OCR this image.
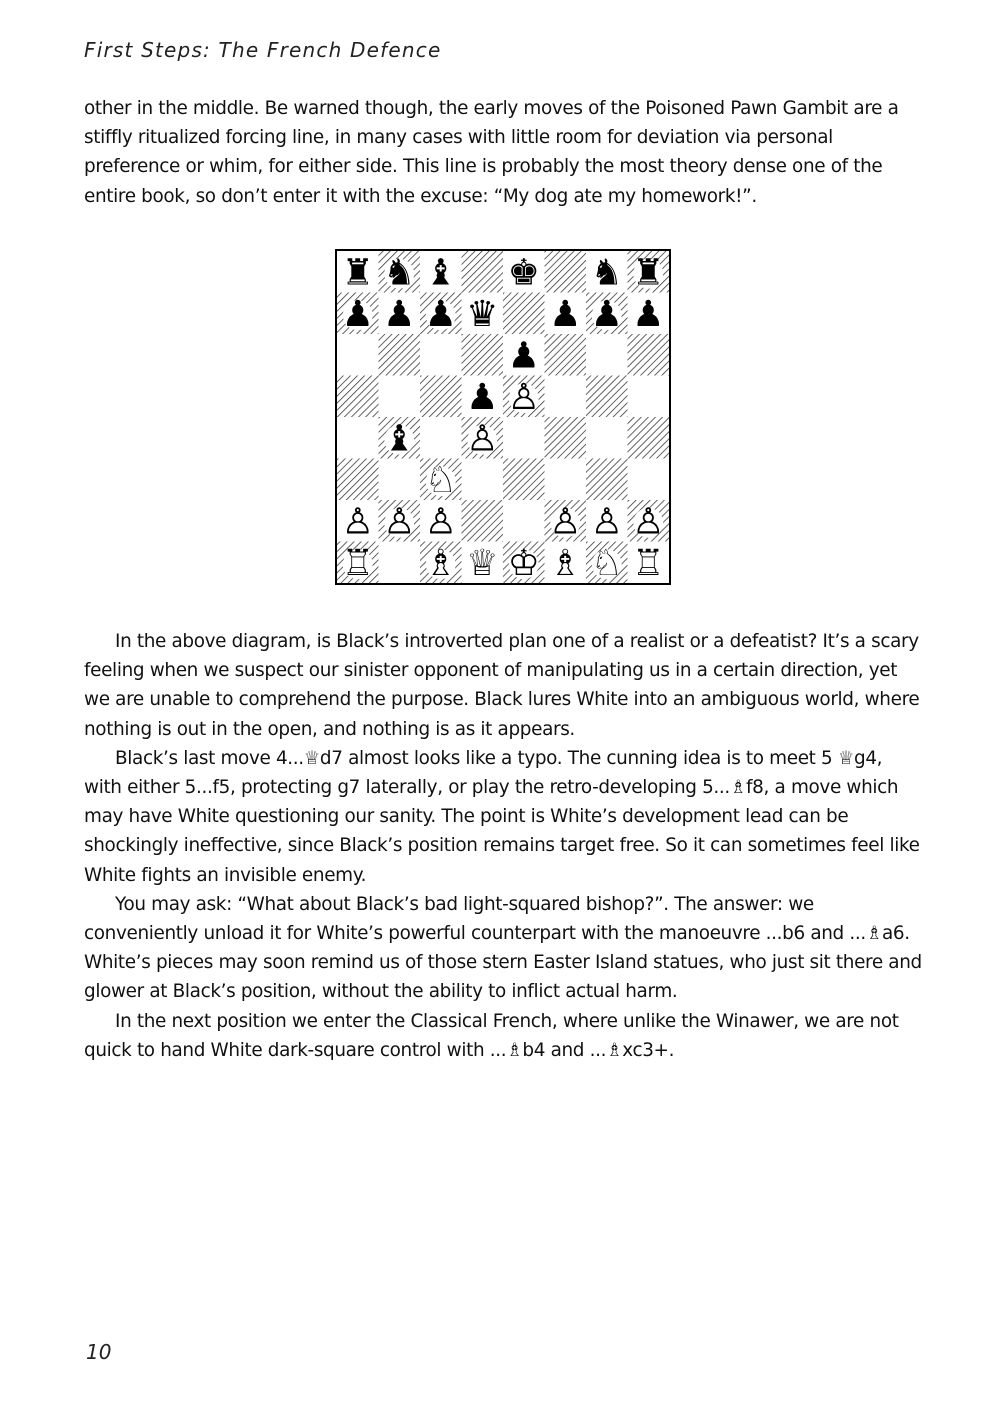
First Steps: The French Defence

other in the middle. Be warned though, the early moves of the Poisoned Pawn Gambit are a stiffly ritualized forcing line, in many cases with little room for deviation via personal preference or whim, for either side. This line is probably the most theory dense one of the entire book, so don’t enter it with the excuse: “My dog ate my homework!”.

♜ ♞ ♝ ♚ ♞ ♜
♟ ♟ ♟ ♛ ♟ ♟ ♟
♟
♟ ♙
♝ ♙
♘
♙ ♙ ♙	♙ ♙ ♙
♖ ♗ ♕ ♔ ♗ ♘ ♖

In the above diagram, is Black’s introverted plan one of a realist or a defeatist? It’s a scary feeling when we suspect our sinister opponent of manipulating us in a certain direction, yet we are unable to comprehend the purpose. Black lures White into an ambiguous world, where nothing is out in the open, and nothing is as it appears.

Black’s last move 4...♕d7 almost looks like a typo. The cunning idea is to meet 5 ♕g4, with either 5...f5, protecting g7 laterally, or play the retro-developing 5...♗f8, a move which may have White questioning our sanity. The point is White’s development lead can be shockingly ineffective, since Black’s position remains target free. So it can sometimes feel like White fights an invisible enemy.

You may ask: “What about Black’s bad light-squared bishop?”. The answer: we conveniently unload it for White’s powerful counterpart with the manoeuvre ...b6 and ...♗a6. White’s pieces may soon remind us of those stern Easter Island statues, who just sit there and glower at Black’s position, without the ability to inflict actual harm.

In the next position we enter the Classical French, where unlike the Winawer, we are not quick to hand White dark-square control with ...♗b4 and ...♗xc3+.

10
